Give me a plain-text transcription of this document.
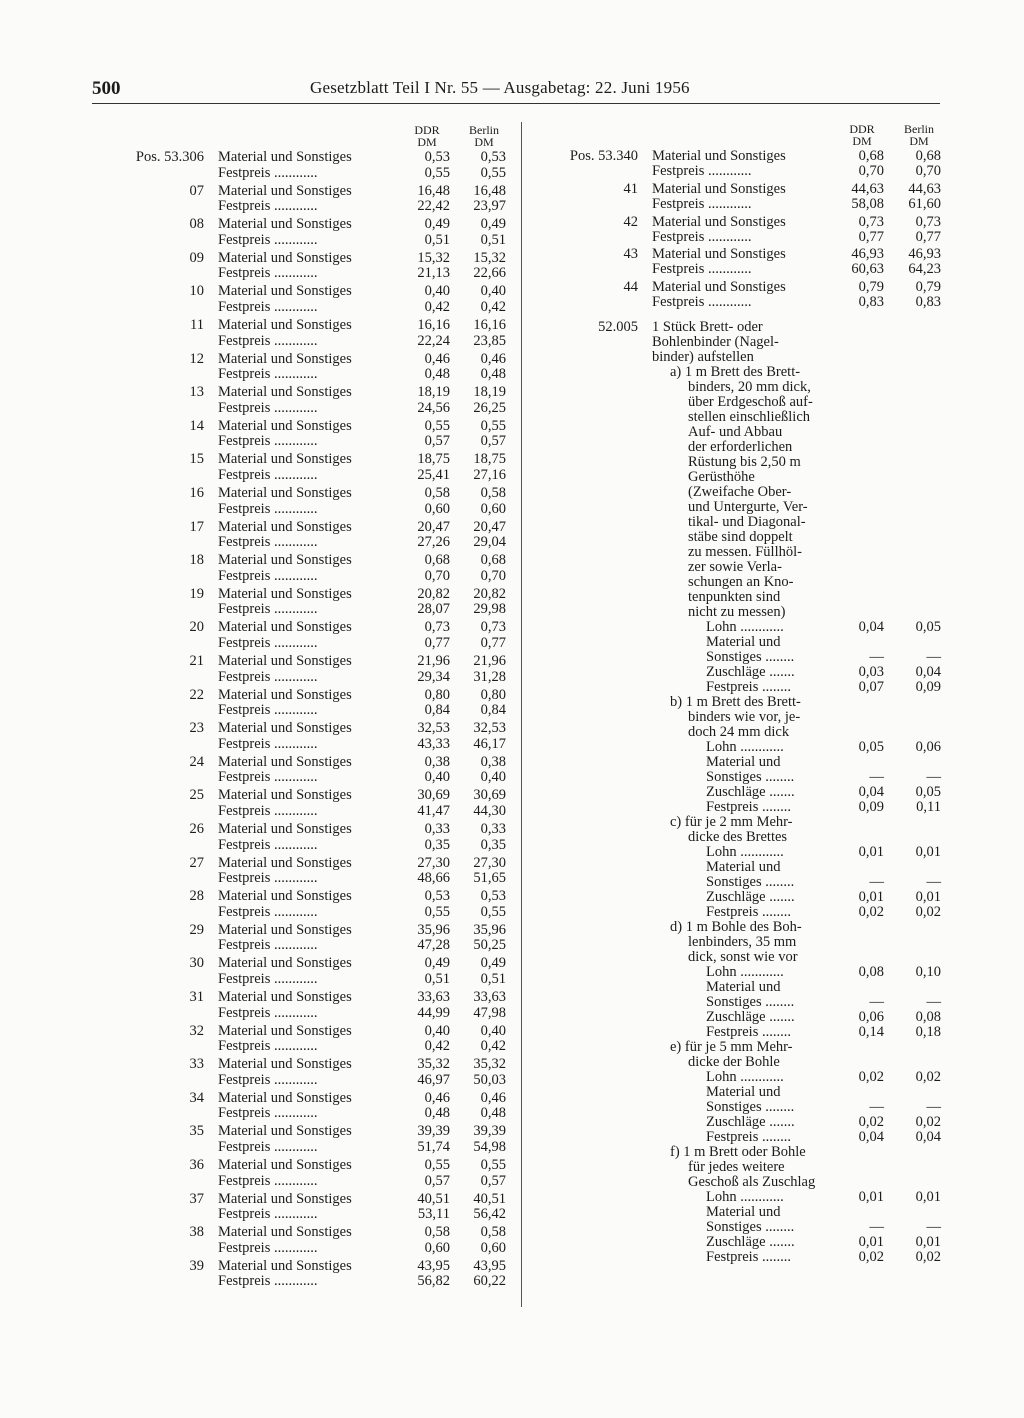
500	Gesetzblatt Teil I Nr. 55 — Ausgabetag: 22. Juni 1956
DDR
DM
Berlin
DM
DDR
DM
Berlin
DM
Pos. 53.306 Material und Sonstiges	0,53	0,53
Festpreis ............	0,55	0,55
07 Material und Sonstiges	16,48	16,48
Festpreis ............	22,42	23,97
08 Material und Sonstiges	0,49	0,49
Festpreis ............	0,51	0,51
09 Material und Sonstiges	15,32	15,32
Festpreis ............	21,13	22,66
10 Material und Sonstiges	0,40	0,40
Festpreis ............	0,42	0,42
11 Material und Sonstiges	16,16	16,16
Festpreis ............	22,24	23,85
12 Material und Sonstiges	0,46	0,46
Festpreis ............	0,48	0,48
13 Material und Sonstiges	18,19	18,19
Festpreis ............	24,56	26,25
14 Material und Sonstiges	0,55	0,55
Festpreis ............	0,57	0,57
15 Material und Sonstiges	18,75	18,75
Festpreis ............	25,41	27,16
16 Material und Sonstiges	0,58	0,58
Festpreis ............	0,60	0,60
17 Material und Sonstiges	20,47	20,47
Festpreis ............	27,26	29,04
18 Material und Sonstiges	0,68	0,68
Festpreis ............	0,70	0,70
19 Material und Sonstiges	20,82	20,82
Festpreis ............	28,07	29,98
20 Material und Sonstiges	0,73	0,73
Festpreis ............	0,77	0,77
21 Material und Sonstiges	21,96	21,96
Festpreis ............	29,34	31,28
22 Material und Sonstiges	0,80	0,80
Festpreis ............	0,84	0,84
23 Material und Sonstiges	32,53	32,53
Festpreis ............	43,33	46,17
24 Material und Sonstiges	0,38	0,38
Festpreis ............	0,40	0,40
25 Material und Sonstiges	30,69	30,69
Festpreis ............	41,47	44,30
26 Material und Sonstiges	0,33	0,33
Festpreis ............	0,35	0,35
27 Material und Sonstiges	27,30	27,30
Festpreis ............	48,66	51,65
28 Material und Sonstiges	0,53	0,53
Festpreis ............	0,55	0,55
29 Material und Sonstiges	35,96	35,96
Festpreis ............	47,28	50,25
30 Material und Sonstiges	0,49	0,49
Festpreis ............	0,51	0,51
31 Material und Sonstiges	33,63	33,63
Festpreis ............	44,99	47,98
32 Material und Sonstiges	0,40	0,40
Festpreis ............	0,42	0,42
33 Material und Sonstiges	35,32	35,32
Festpreis ............	46,97	50,03
34 Material und Sonstiges	0,46	0,46
Festpreis ............	0,48	0,48
35 Material und Sonstiges	39,39	39,39
Festpreis ............	51,74	54,98
36 Material und Sonstiges	0,55	0,55
Festpreis ............	0,57	0,57
37 Material und Sonstiges	40,51	40,51
Festpreis ............	53,11	56,42
38 Material und Sonstiges	0,58	0,58
Festpreis ............	0,60	0,60
39 Material und Sonstiges	43,95	43,95
Festpreis ............	56,82	60,22
Pos. 53.340 Material und Sonstiges	0,68	0,68
Festpreis ............	0,70	0,70
41 Material und Sonstiges	44,63	44,63
Festpreis ............	58,08	61,60
42 Material und Sonstiges	0,73	0,73
Festpreis ............	0,77	0,77
43 Material und Sonstiges	46,93	46,93
Festpreis ............	60,63	64,23
44 Material und Sonstiges	0,79	0,79
Festpreis ............	0,83	0,83
52.005 1 Stück Brett- oder
Bohlenbinder (Nagel-
binder) aufstellen
a) 1 m Brett des Brett-
binders, 20 mm dick,
über Erdgeschoß auf-
stellen einschließlich
Auf- und Abbau
der erforderlichen
Rüstung bis 2,50 m
Gerüsthöhe
(Zweifache Ober-
und Untergurte, Ver-
tikal- und Diagonal-
stäbe sind doppelt
zu messen. Füllhöl-
zer sowie Verla-
schungen an Kno-
tenpunkten sind
nicht zu messen)
Lohn ............	0,04	0,05
Material und
Sonstiges ........	—	—
Zuschläge .......	0,03	0,04
Festpreis ........	0,07	0,09
b) 1 m Brett des Brett-
binders wie vor, je-
doch 24 mm dick
Lohn ............	0,05	0,06
Material und
Sonstiges ........	—	—
Zuschläge .......	0,04	0,05
Festpreis ........	0,09	0,11
c) für je 2 mm Mehr-
dicke des Brettes
Lohn ............	0,01	0,01
Material und
Sonstiges ........	—	—
Zuschläge .......	0,01	0,01
Festpreis ........	0,02	0,02
d) 1 m Bohle des Boh-
lenbinders, 35 mm
dick, sonst wie vor
Lohn ............	0,08	0,10
Material und
Sonstiges ........	—	—
Zuschläge .......	0,06	0,08
Festpreis ........	0,14	0,18
e) für je 5 mm Mehr-
dicke der Bohle
Lohn ............	0,02	0,02
Material und
Sonstiges ........	—	—
Zuschläge .......	0,02	0,02
Festpreis ........	0,04	0,04
f) 1 m Brett oder Bohle
für jedes weitere
Geschoß als Zuschlag
Lohn ............	0,01	0,01
Material und
Sonstiges ........	—	—
Zuschläge .......	0,01	0,01
Festpreis ........	0,02	0,02
